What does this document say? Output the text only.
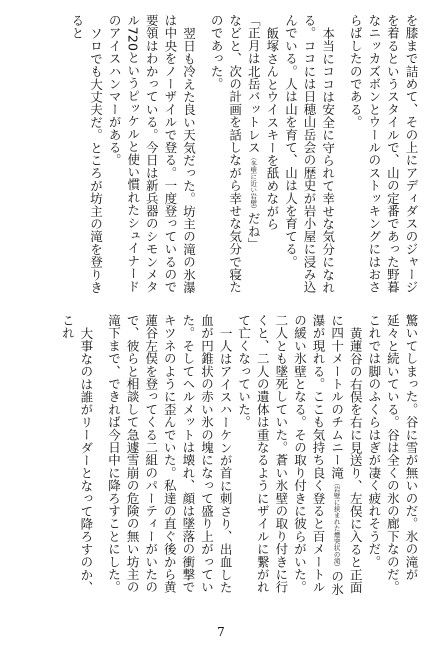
を膝まで詰めて、その上にアディダスのジャージを着るというスタイルで、山の定番であった野暮なニッカズボンとウールのストッキングにはおさらばしたのである。

本当にココは安全に守られて幸せな気分になれる。ココには日穂山岳会の歴史が岩小屋に浸み込んでいる。人は山を育て、山は人を育てる。

飯塚さんとウイスキーを舐めながら

「正月は北岳バットレス（冬壁に近い岩壁）だね」

などと、次の計画を話しながら幸せな気分で寝たのであった。

翌日も冷えた良い天気だった。坊主の滝の氷瀑は中央をノーザイルで登る。一度登っているので要領はわかっている。今日は新兵器のシモンメタル720というピッケルと使い慣れたシュイナードのアイスハンマーがある。

ソロでも大丈夫だ。ところが坊主の滝を登りきると

驚いてしまった。谷に雪が無いのだ。氷の滝が延々と続いている。谷は全くの氷の廊下なのだ。これでは脚のふくらはぎが凄く疲れそうだ。

黄蓮谷の右俣を右に見送り、左俣に入ると正面に四十メートルのチムニー滝（岩壁に挟まれた煙突状の滝）の氷瀑が現れる。ここも気持ち良く登ると百メートルの緩い氷壁となる。その取り付きに彼らがいた。二人とも墜死していた。蒼い氷壁の取り付きに行くと、二人の遺体は重なるようにザイルに繋がれて亡くなっていた。

一人はアイスハーケンが首に刺さり、出血した血が円錐状の赤い氷の塊になって盛り上がっていた。そしてヘルメットは壊れ、顔は墜落の衝撃でキツネのように歪んでいた。私達の直ぐ後から黄蓮谷左俣を登ってくる二組のパーティーがいたので、彼らと相談して急遽雪崩の危険の無い坊主の滝下まで、できれば今日中に降ろすことにした。

大事なのは誰がリーダーとなって降ろすのか、これ

7
